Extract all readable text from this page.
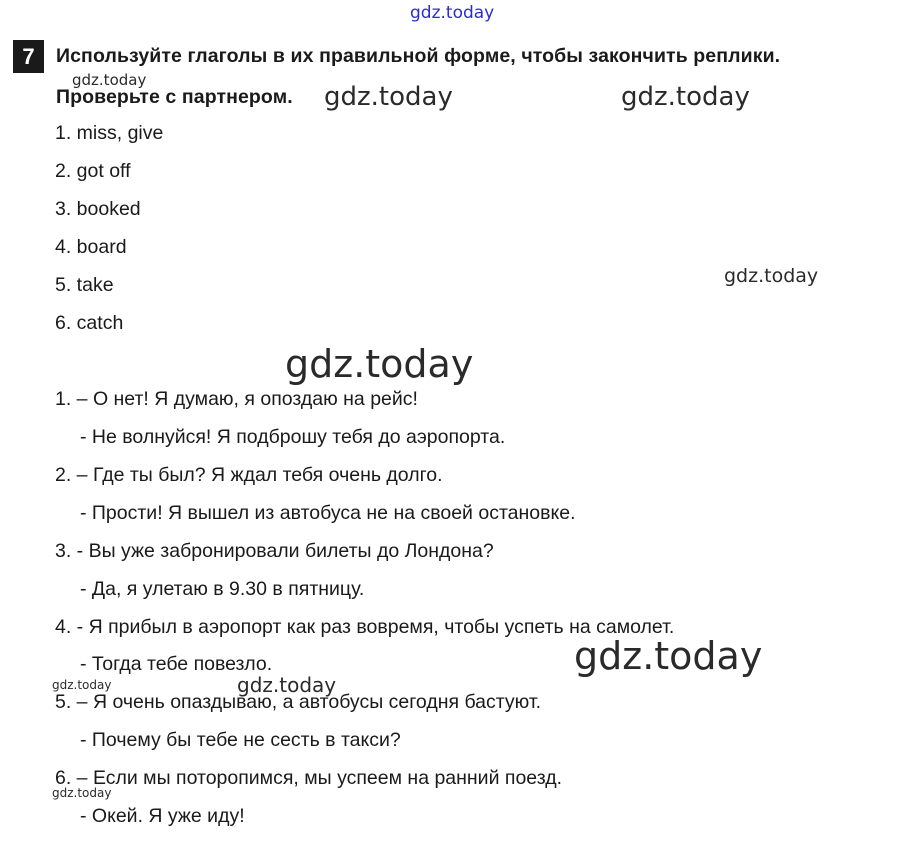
7	Используйте глаголы в их правильной форме, чтобы закончить реплики.

Проверьте с партнером.

1. miss, give

2. got off

3. booked

4. board

5. take

6. catch

1. – О нет! Я думаю, я опоздаю на рейс!

- Не волнуйся! Я подброшу тебя до аэропорта.

2. – Где ты был? Я ждал тебя очень долго.

- Прости! Я вышел из автобуса не на своей остановке.

3. - Вы уже забронировали билеты до Лондона?

- Да, я улетаю в 9.30 в пятницу.

4. - Я прибыл в аэропорт как раз вовремя, чтобы успеть на самолет.

- Тогда тебе повезло.

5. – Я очень опаздываю, а автобусы сегодня бастуют.

- Почему бы тебе не сесть в такси?

6. – Если мы поторопимся, мы успеем на ранний поезд.

- Окей. Я уже иду!

gdz.today
gdz.today
gdz.today	gdz.today
gdz.today
gdz.today
gdz.today
gdz.today
gdz.today
gdz.today
